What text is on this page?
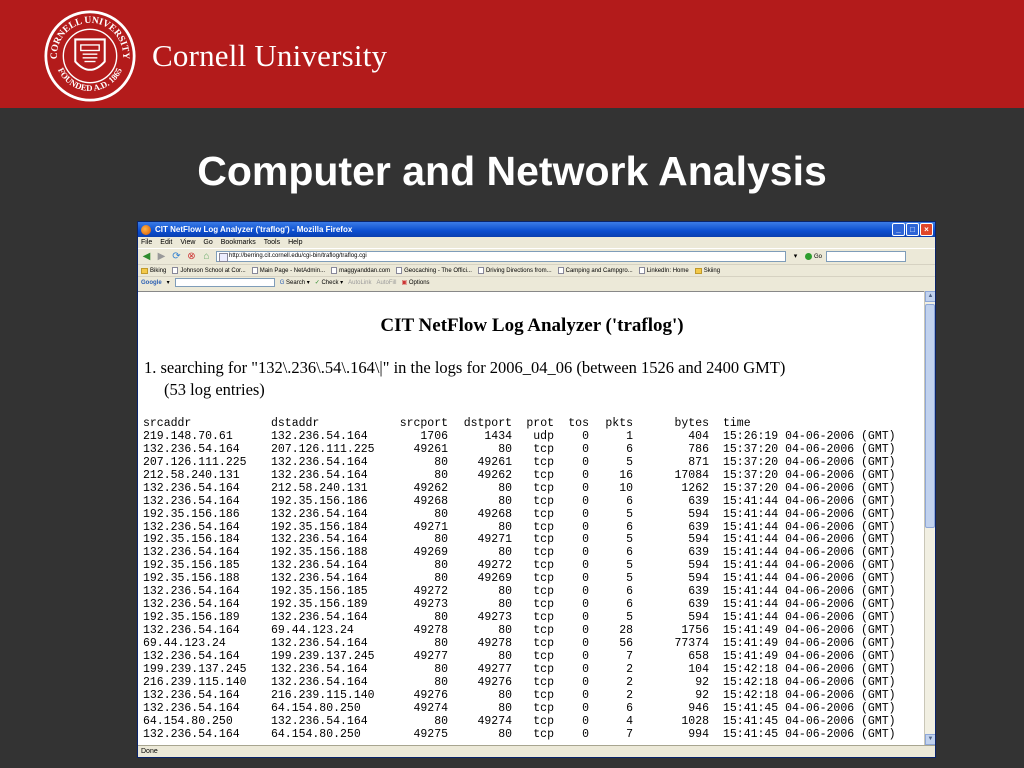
CORNELL UNIVERSITY
FOUNDED A.D. 1865 Cornell University
Computer and Network Analysis
CIT NetFlow Log Analyzer ('traflog') - Mozilla Firefox	_	□	×
File Edit View Go Bookmarks Tools Help
◀ ▶ ⟳ ⊗ ⌂	http://berring.cit.cornell.edu/cgi-bin/traflog/traflog.cgi	▾	Go
Biking Johnson School at Cor... Main Page - NetAdmin... maggyanddan.com Geocaching - The Offici... Driving Directions from... Camping and Campgro... LinkedIn: Home	Skiing
Google ▾	G Search ▾ ✓ Check ▾ AutoLink AutoFill ▣ Options
CIT NetFlow Log Analyzer ('traflog')
1. searching for "132\.236\.54\.164\|" in the logs for 2006_04_06 (between 1526 and 2400 GMT)
(53 log entries)
srcaddr	dstaddr	srcport	dstport	prot	tos	pkts	bytes	time
219.148.70.61	132.236.54.164	1706	1434	udp	0	1	404	15:26:19 04-06-2006 (GMT)
132.236.54.164	207.126.111.225	49261	80	tcp	0	6	786	15:37:20 04-06-2006 (GMT)
207.126.111.225	132.236.54.164	80	49261	tcp	0	5	871	15:37:20 04-06-2006 (GMT)
212.58.240.131	132.236.54.164	80	49262	tcp	0	16	17084	15:37:20 04-06-2006 (GMT)
132.236.54.164	212.58.240.131	49262	80	tcp	0	10	1262	15:37:20 04-06-2006 (GMT)
132.236.54.164	192.35.156.186	49268	80	tcp	0	6	639	15:41:44 04-06-2006 (GMT)
192.35.156.186	132.236.54.164	80	49268	tcp	0	5	594	15:41:44 04-06-2006 (GMT)
132.236.54.164	192.35.156.184	49271	80	tcp	0	6	639	15:41:44 04-06-2006 (GMT)
192.35.156.184	132.236.54.164	80	49271	tcp	0	5	594	15:41:44 04-06-2006 (GMT)
132.236.54.164	192.35.156.188	49269	80	tcp	0	6	639	15:41:44 04-06-2006 (GMT)
192.35.156.185	132.236.54.164	80	49272	tcp	0	5	594	15:41:44 04-06-2006 (GMT)
192.35.156.188	132.236.54.164	80	49269	tcp	0	5	594	15:41:44 04-06-2006 (GMT)
132.236.54.164	192.35.156.185	49272	80	tcp	0	6	639	15:41:44 04-06-2006 (GMT)
132.236.54.164	192.35.156.189	49273	80	tcp	0	6	639	15:41:44 04-06-2006 (GMT)
192.35.156.189	132.236.54.164	80	49273	tcp	0	5	594	15:41:44 04-06-2006 (GMT)
132.236.54.164	69.44.123.24	49278	80	tcp	0	28	1756	15:41:49 04-06-2006 (GMT)
69.44.123.24	132.236.54.164	80	49278	tcp	0	56	77374	15:41:49 04-06-2006 (GMT)
132.236.54.164	199.239.137.245	49277	80	tcp	0	7	658	15:41:49 04-06-2006 (GMT)
199.239.137.245	132.236.54.164	80	49277	tcp	0	2	104	15:42:18 04-06-2006 (GMT)
216.239.115.140	132.236.54.164	80	49276	tcp	0	2	92	15:42:18 04-06-2006 (GMT)
132.236.54.164	216.239.115.140	49276	80	tcp	0	2	92	15:42:18 04-06-2006 (GMT)
132.236.54.164	64.154.80.250	49274	80	tcp	0	6	946	15:41:45 04-06-2006 (GMT)
64.154.80.250	132.236.54.164	80	49274	tcp	0	4	1028	15:41:45 04-06-2006 (GMT)
132.236.54.164	64.154.80.250	49275	80	tcp	0	7	994	15:41:45 04-06-2006 (GMT)
▲
▼
Done
